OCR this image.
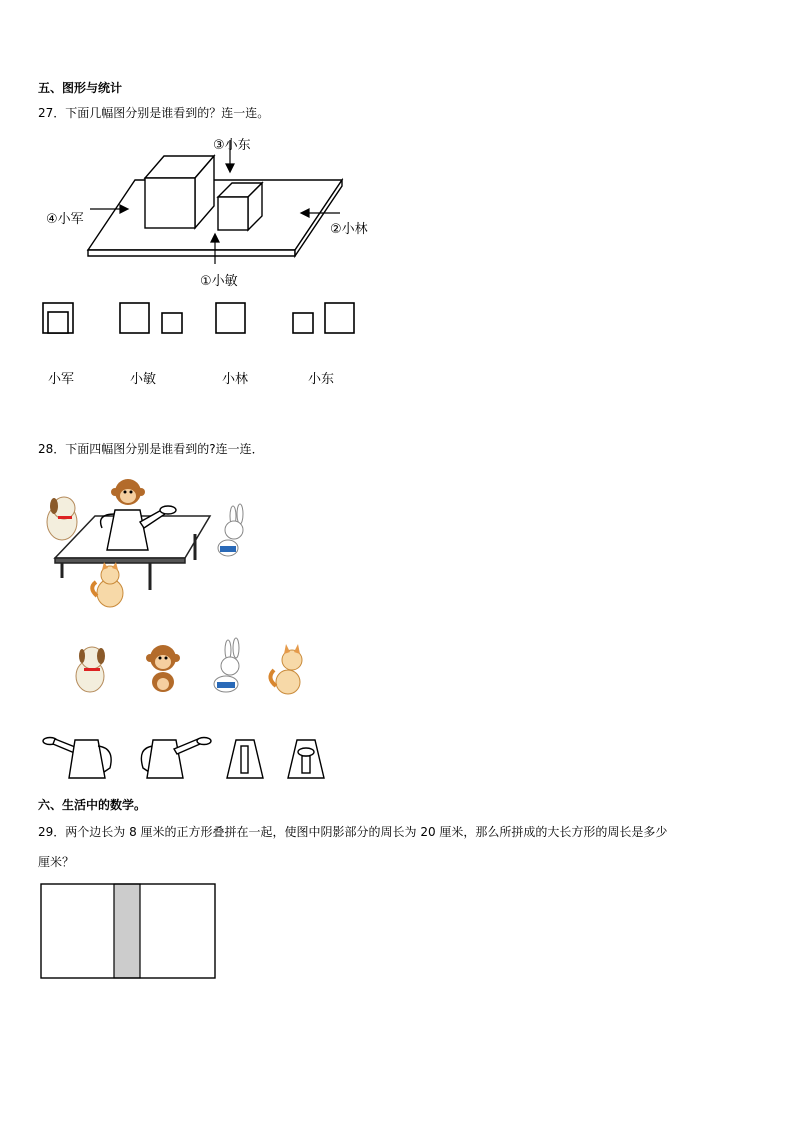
五、图形与统计
27．下面几幅图分别是谁看到的？连一连。
③小东
④小军
②小林
①小敏
小军	小敏	小林	小东
28．下面四幅图分别是谁看到的?连一连．
六、生活中的数学。
29．两个边长为 8 厘米的正方形叠拼在一起，使图中阴影部分的周长为 20 厘米，那么所拼成的大长方形的周长是多少
厘米？
